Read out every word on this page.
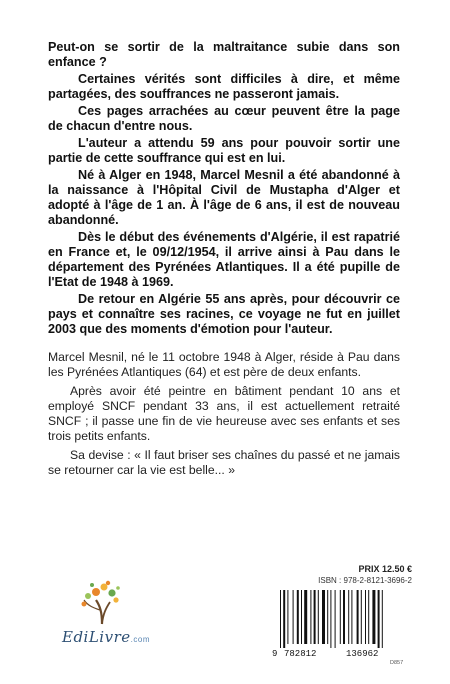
Peut-on se sortir de la maltraitance subie dans son enfance ?

Certaines vérités sont difficiles à dire, et même partagées, des souffrances ne passeront jamais.

Ces pages arrachées au cœur peuvent être la page de chacun d'entre nous.

L'auteur a attendu 59 ans pour pouvoir sortir une partie de cette souffrance qui est en lui.

Né à Alger en 1948, Marcel Mesnil a été abandonné à la naissance à l'Hôpital Civil de Mustapha d'Alger et adopté à l'âge de 1 an. À l'âge de 6 ans, il est de nouveau abandonné.

Dès le début des événements d'Algérie, il est rapatrié en France et, le 09/12/1954, il arrive ainsi à Pau dans le département des Pyrénées Atlantiques. Il a été pupille de l'Etat de 1948 à 1969.

De retour en Algérie 55 ans après, pour découvrir ce pays et connaître ses racines, ce voyage ne fut en juillet 2003 que des moments d'émotion pour l'auteur.

Marcel Mesnil, né le 11 octobre 1948 à Alger, réside à Pau dans les Pyrénées Atlantiques (64) et est père de deux enfants.

Après avoir été peintre en bâtiment pendant 10 ans et employé SNCF pendant 33 ans, il est actuellement retraité SNCF ; il passe une fin de vie heureuse avec ses enfants et ses trois petits enfants.

Sa devise : « Il faut briser ses chaînes du passé et ne jamais se retourner car la vie est belle... »

EdiLivre.com
PRIX 12.50 €
ISBN : 978-2-8121-3696-2
9 782812	136962
D857
